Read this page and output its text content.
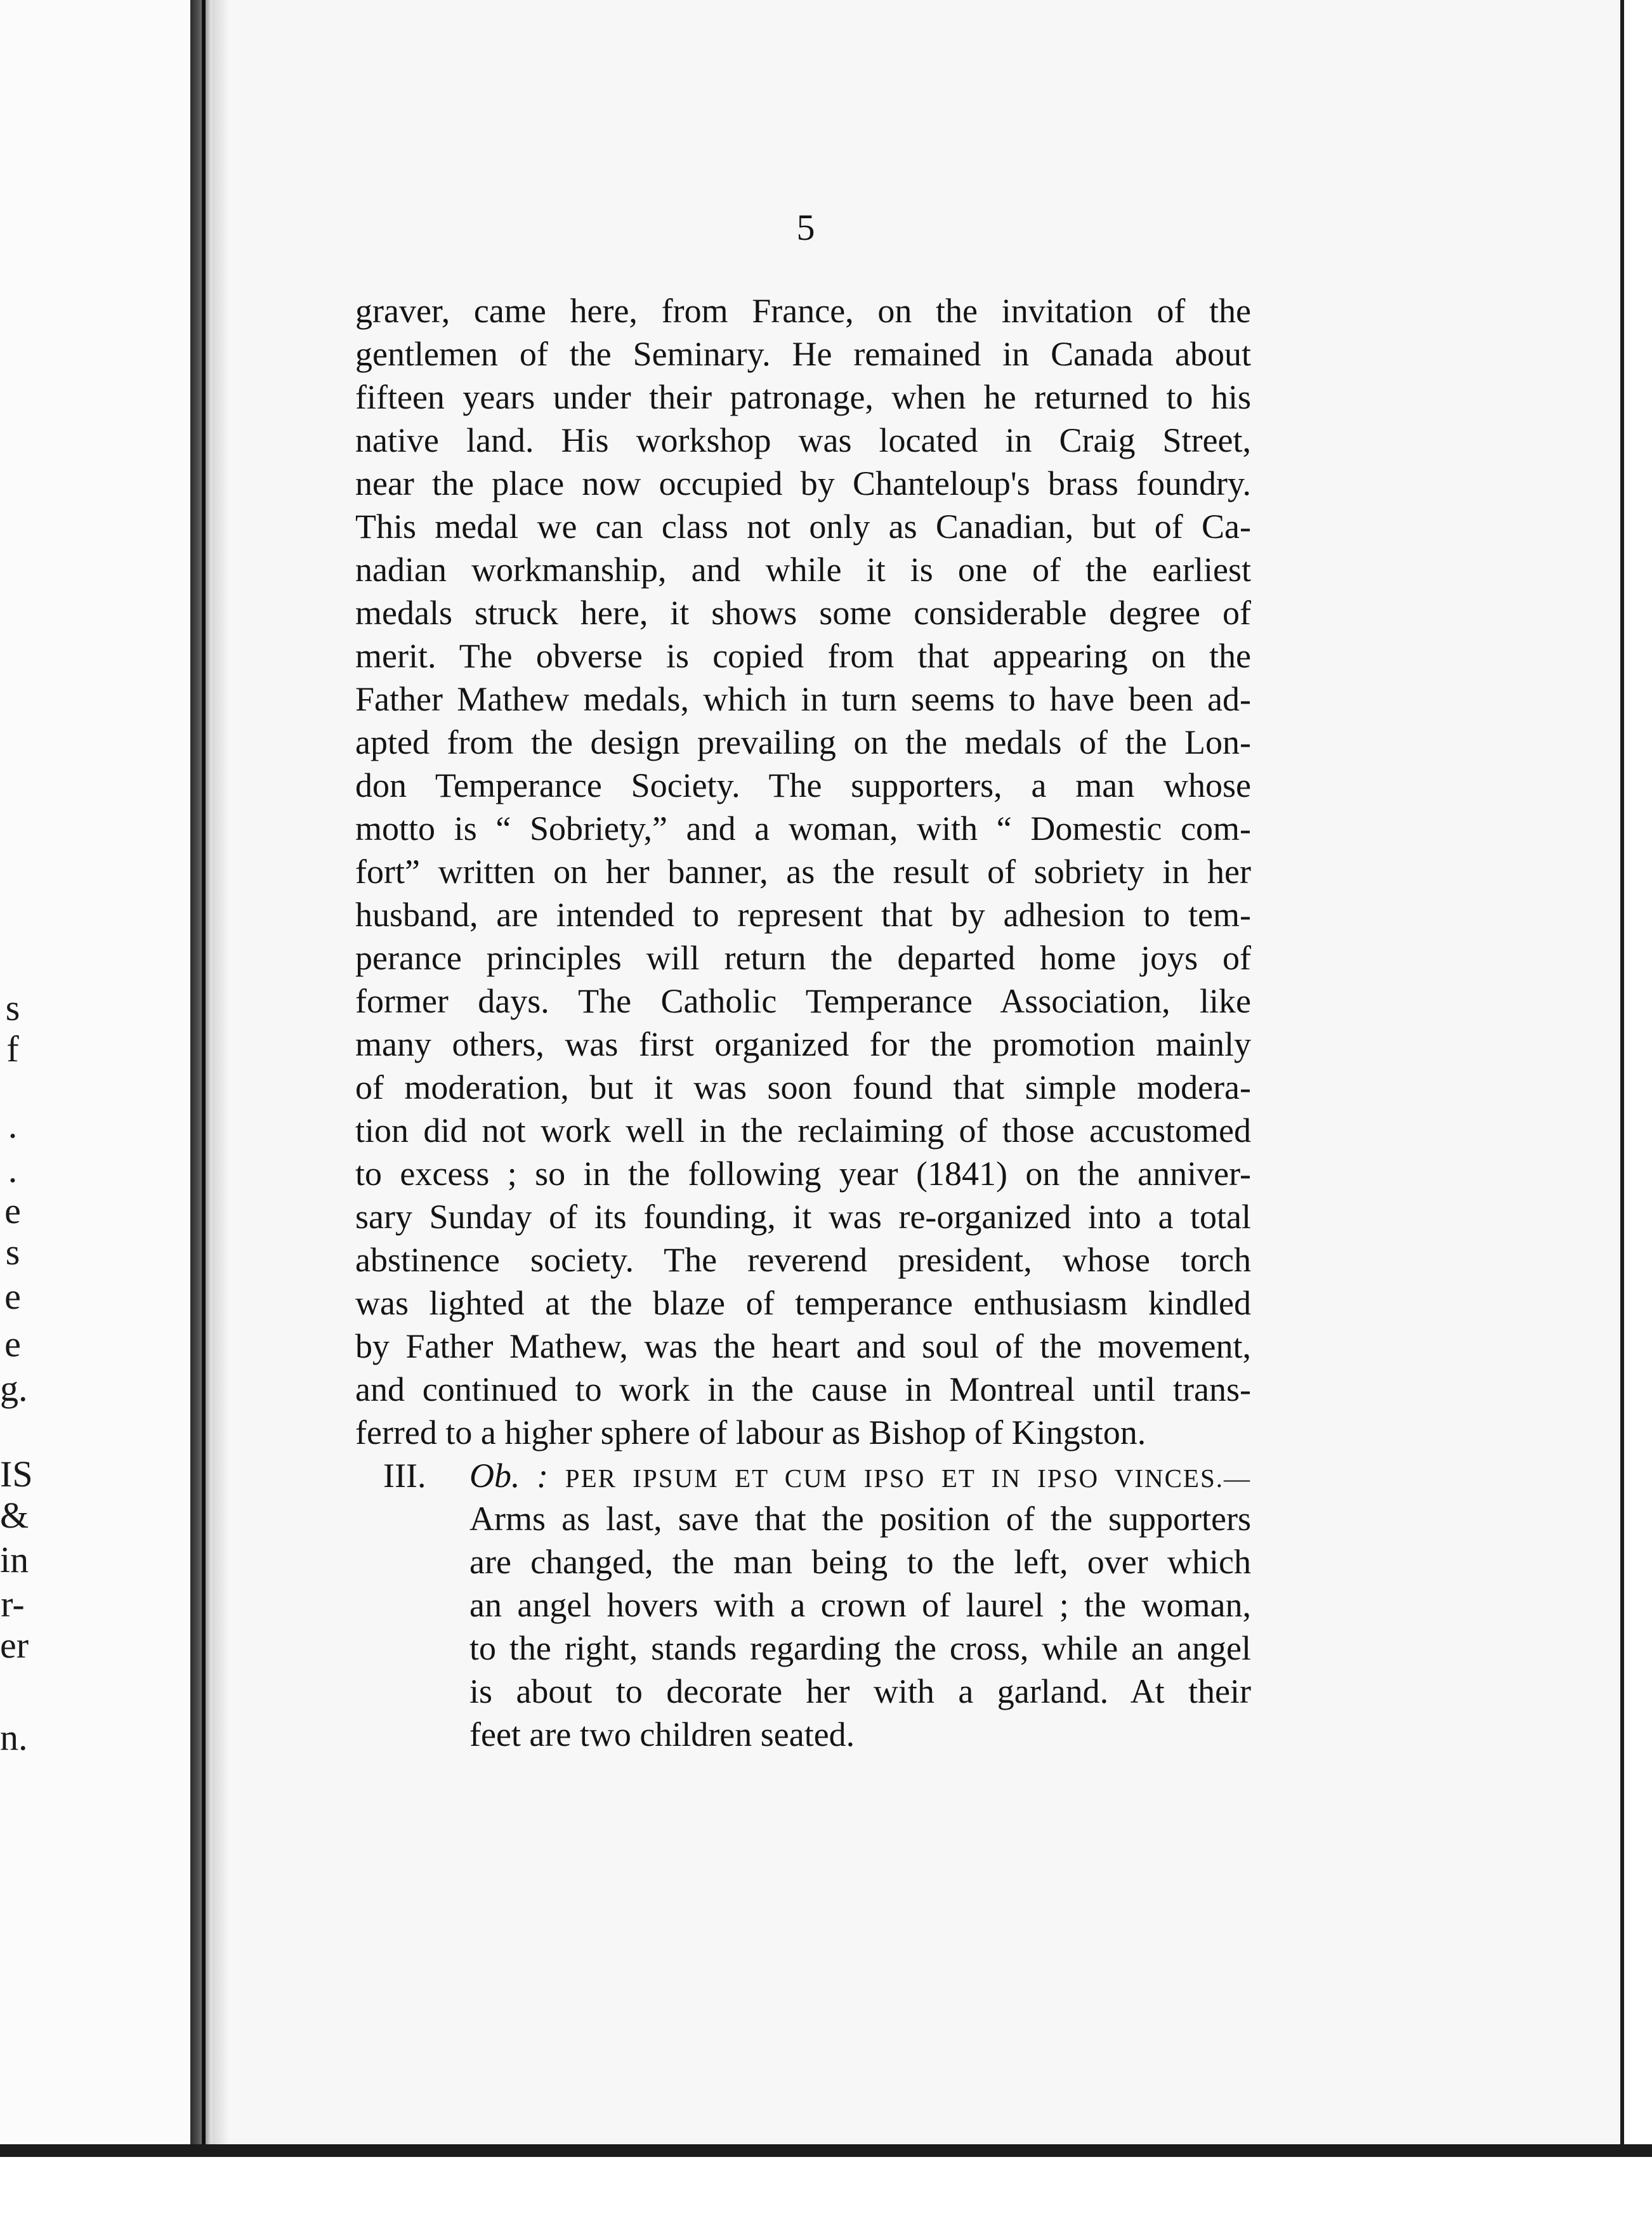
s
f
.
.
e
s
e
e
g.
IS
&
in
r-
er
n.
5
graver, came here, from France, on the invitation of the
gentlemen of the Seminary. He remained in Canada about
fifteen years under their patronage, when he returned to his
native land. His workshop was located in Craig Street,
near the place now occupied by Chanteloup's brass foundry.
This medal we can class not only as Canadian, but of Ca-
nadian workmanship, and while it is one of the earliest
medals struck here, it shows some considerable degree of
merit. The obverse is copied from that appearing on the
Father Mathew medals, which in turn seems to have been ad-
apted from the design prevailing on the medals of the Lon-
don Temperance Society. The supporters, a man whose
motto is “ Sobriety,” and a woman, with “ Domestic com-
fort” written on her banner, as the result of sobriety in her
husband, are intended to represent that by adhesion to tem-
perance principles will return the departed home joys of
former days. The Catholic Temperance Association, like
many others, was first organized for the promotion mainly
of moderation, but it was soon found that simple modera-
tion did not work well in the reclaiming of those accustomed
to excess ; so in the following year (1841) on the anniver-
sary Sunday of its founding, it was re-organized into a total
abstinence society. The reverend president, whose torch
was lighted at the blaze of temperance enthusiasm kindled
by Father Mathew, was the heart and soul of the movement,
and continued to work in the cause in Montreal until trans-
ferred to a higher sphere of labour as Bishop of Kingston.
III. Ob. : PER IPSUM ET CUM IPSO ET IN IPSO VINCES.—
Arms as last, save that the position of the supporters
are changed, the man being to the left, over which
an angel hovers with a crown of laurel ; the woman,
to the right, stands regarding the cross, while an angel
is about to decorate her with a garland. At their
feet are two children seated.
